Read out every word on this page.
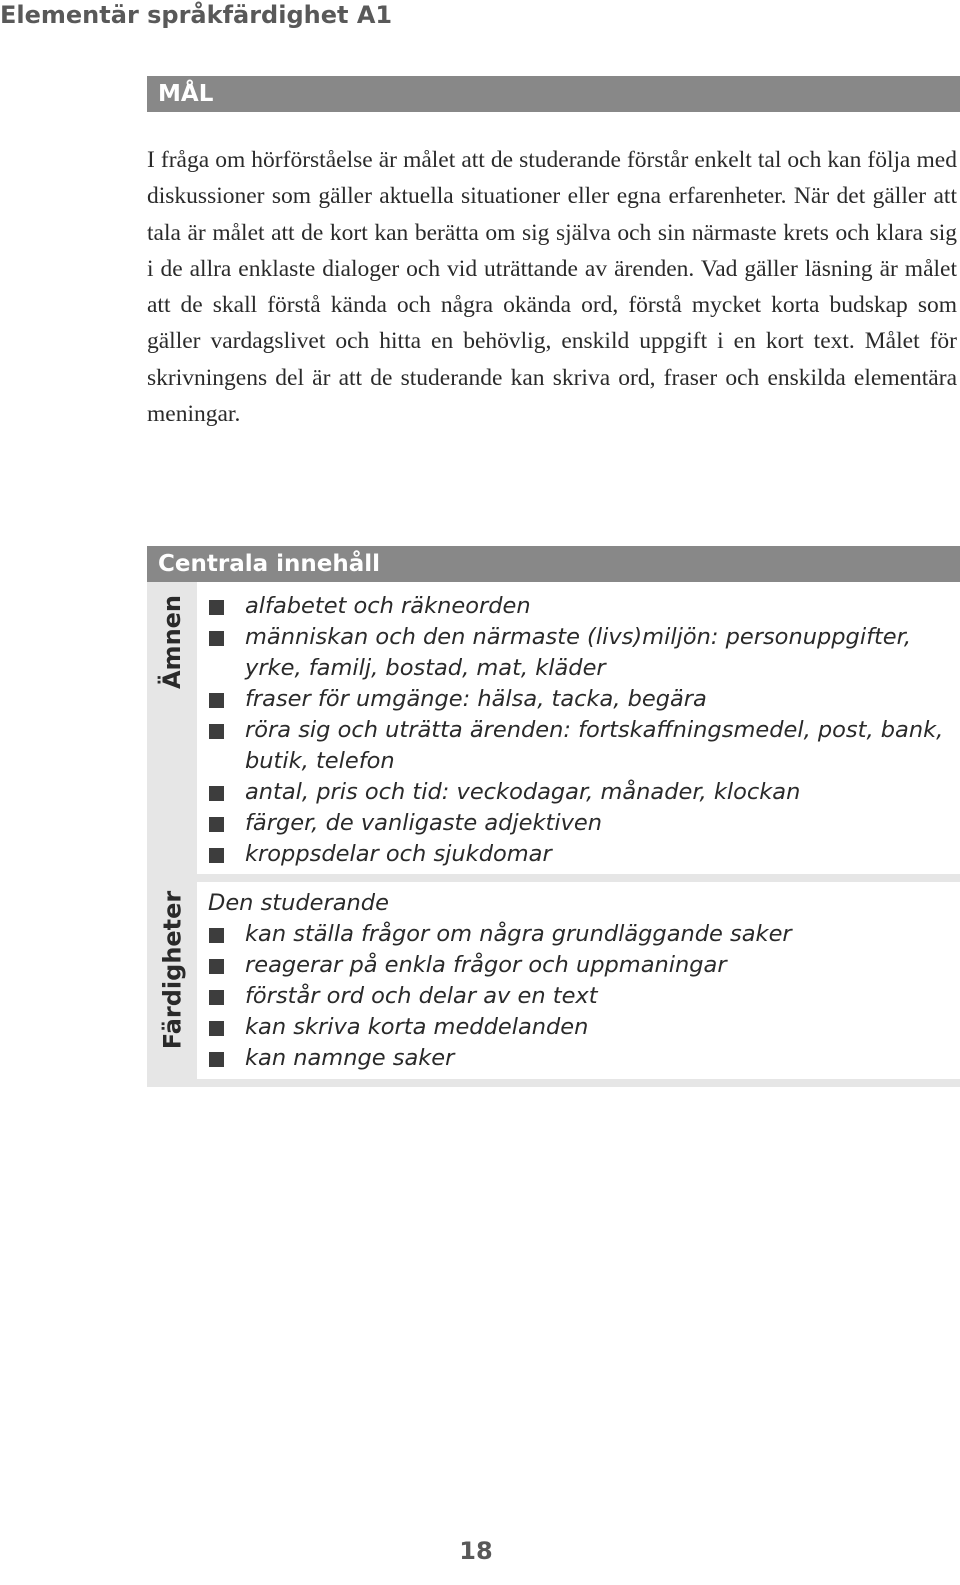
Elementär språkfärdighet A1
MÅL

I fråga om hörförståelse är målet att de studerande förstår enkelt tal och kan följa med diskussioner som gäller aktuella situationer eller egna erfarenheter. När det gäller att tala är målet att de kort kan berätta om sig själva och sin närmaste krets och klara sig i de allra enklaste dialoger och vid uträttande av ärenden. Vad gäller läsning är målet att de skall förstå kända och några okända ord, förstå mycket korta budskap som gäller vardagslivet och hitta en behövlig, enskild uppgift i en kort text. Målet för skrivningens del är att de studerande kan skriva ord, fraser och enskilda elementära meningar.

Centrala innehåll
Ämnen
Färdigheter
alfabetet och räkneorden
människan och den närmaste (livs)miljön: personuppgifter, yrke, familj, bostad, mat, kläder
fraser för umgänge: hälsa, tacka, begära
röra sig och uträtta ärenden: fortskaffningsmedel, post, bank, butik, telefon
antal, pris och tid: veckodagar, månader, klockan
färger, de vanligaste adjektiven
kroppsdelar och sjukdomar
Den studerande
kan ställa frågor om några grundläggande saker
reagerar på enkla frågor och uppmaningar
förstår ord och delar av en text
kan skriva korta meddelanden
kan namnge saker
18
